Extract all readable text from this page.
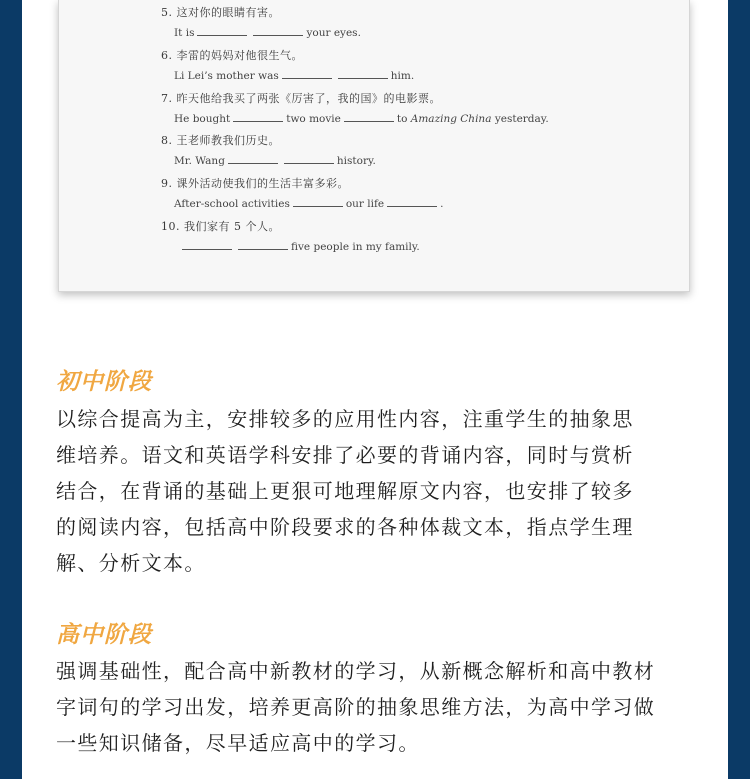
5. 这对你的眼睛有害。
It is	your eyes.
6. 李雷的妈妈对他很生气。
Li Lei’s mother was	him.
7. 昨天他给我买了两张《厉害了，我的国》的电影票。
He bought	two movie	to Amazing China yesterday.
8. 王老师教我们历史。
Mr. Wang	history.
9. 课外活动使我们的生活丰富多彩。
After-school activities	our life	.
10. 我们家有 5 个人。
five people in my family.
初中阶段
以综合提高为主，安排较多的应用性内容，注重学生的抽象思
维培养。语文和英语学科安排了必要的背诵内容，同时与赏析
结合，在背诵的基础上更狠可地理解原文内容，也安排了较多
的阅读内容，包括高中阶段要求的各种体裁文本，指点学生理
解、分析文本。
高中阶段
强调基础性，配合高中新教材的学习，从新概念解析和高中教材
字词句的学习出发，培养更高阶的抽象思维方法，为高中学习做
一些知识储备，尽早适应高中的学习。
